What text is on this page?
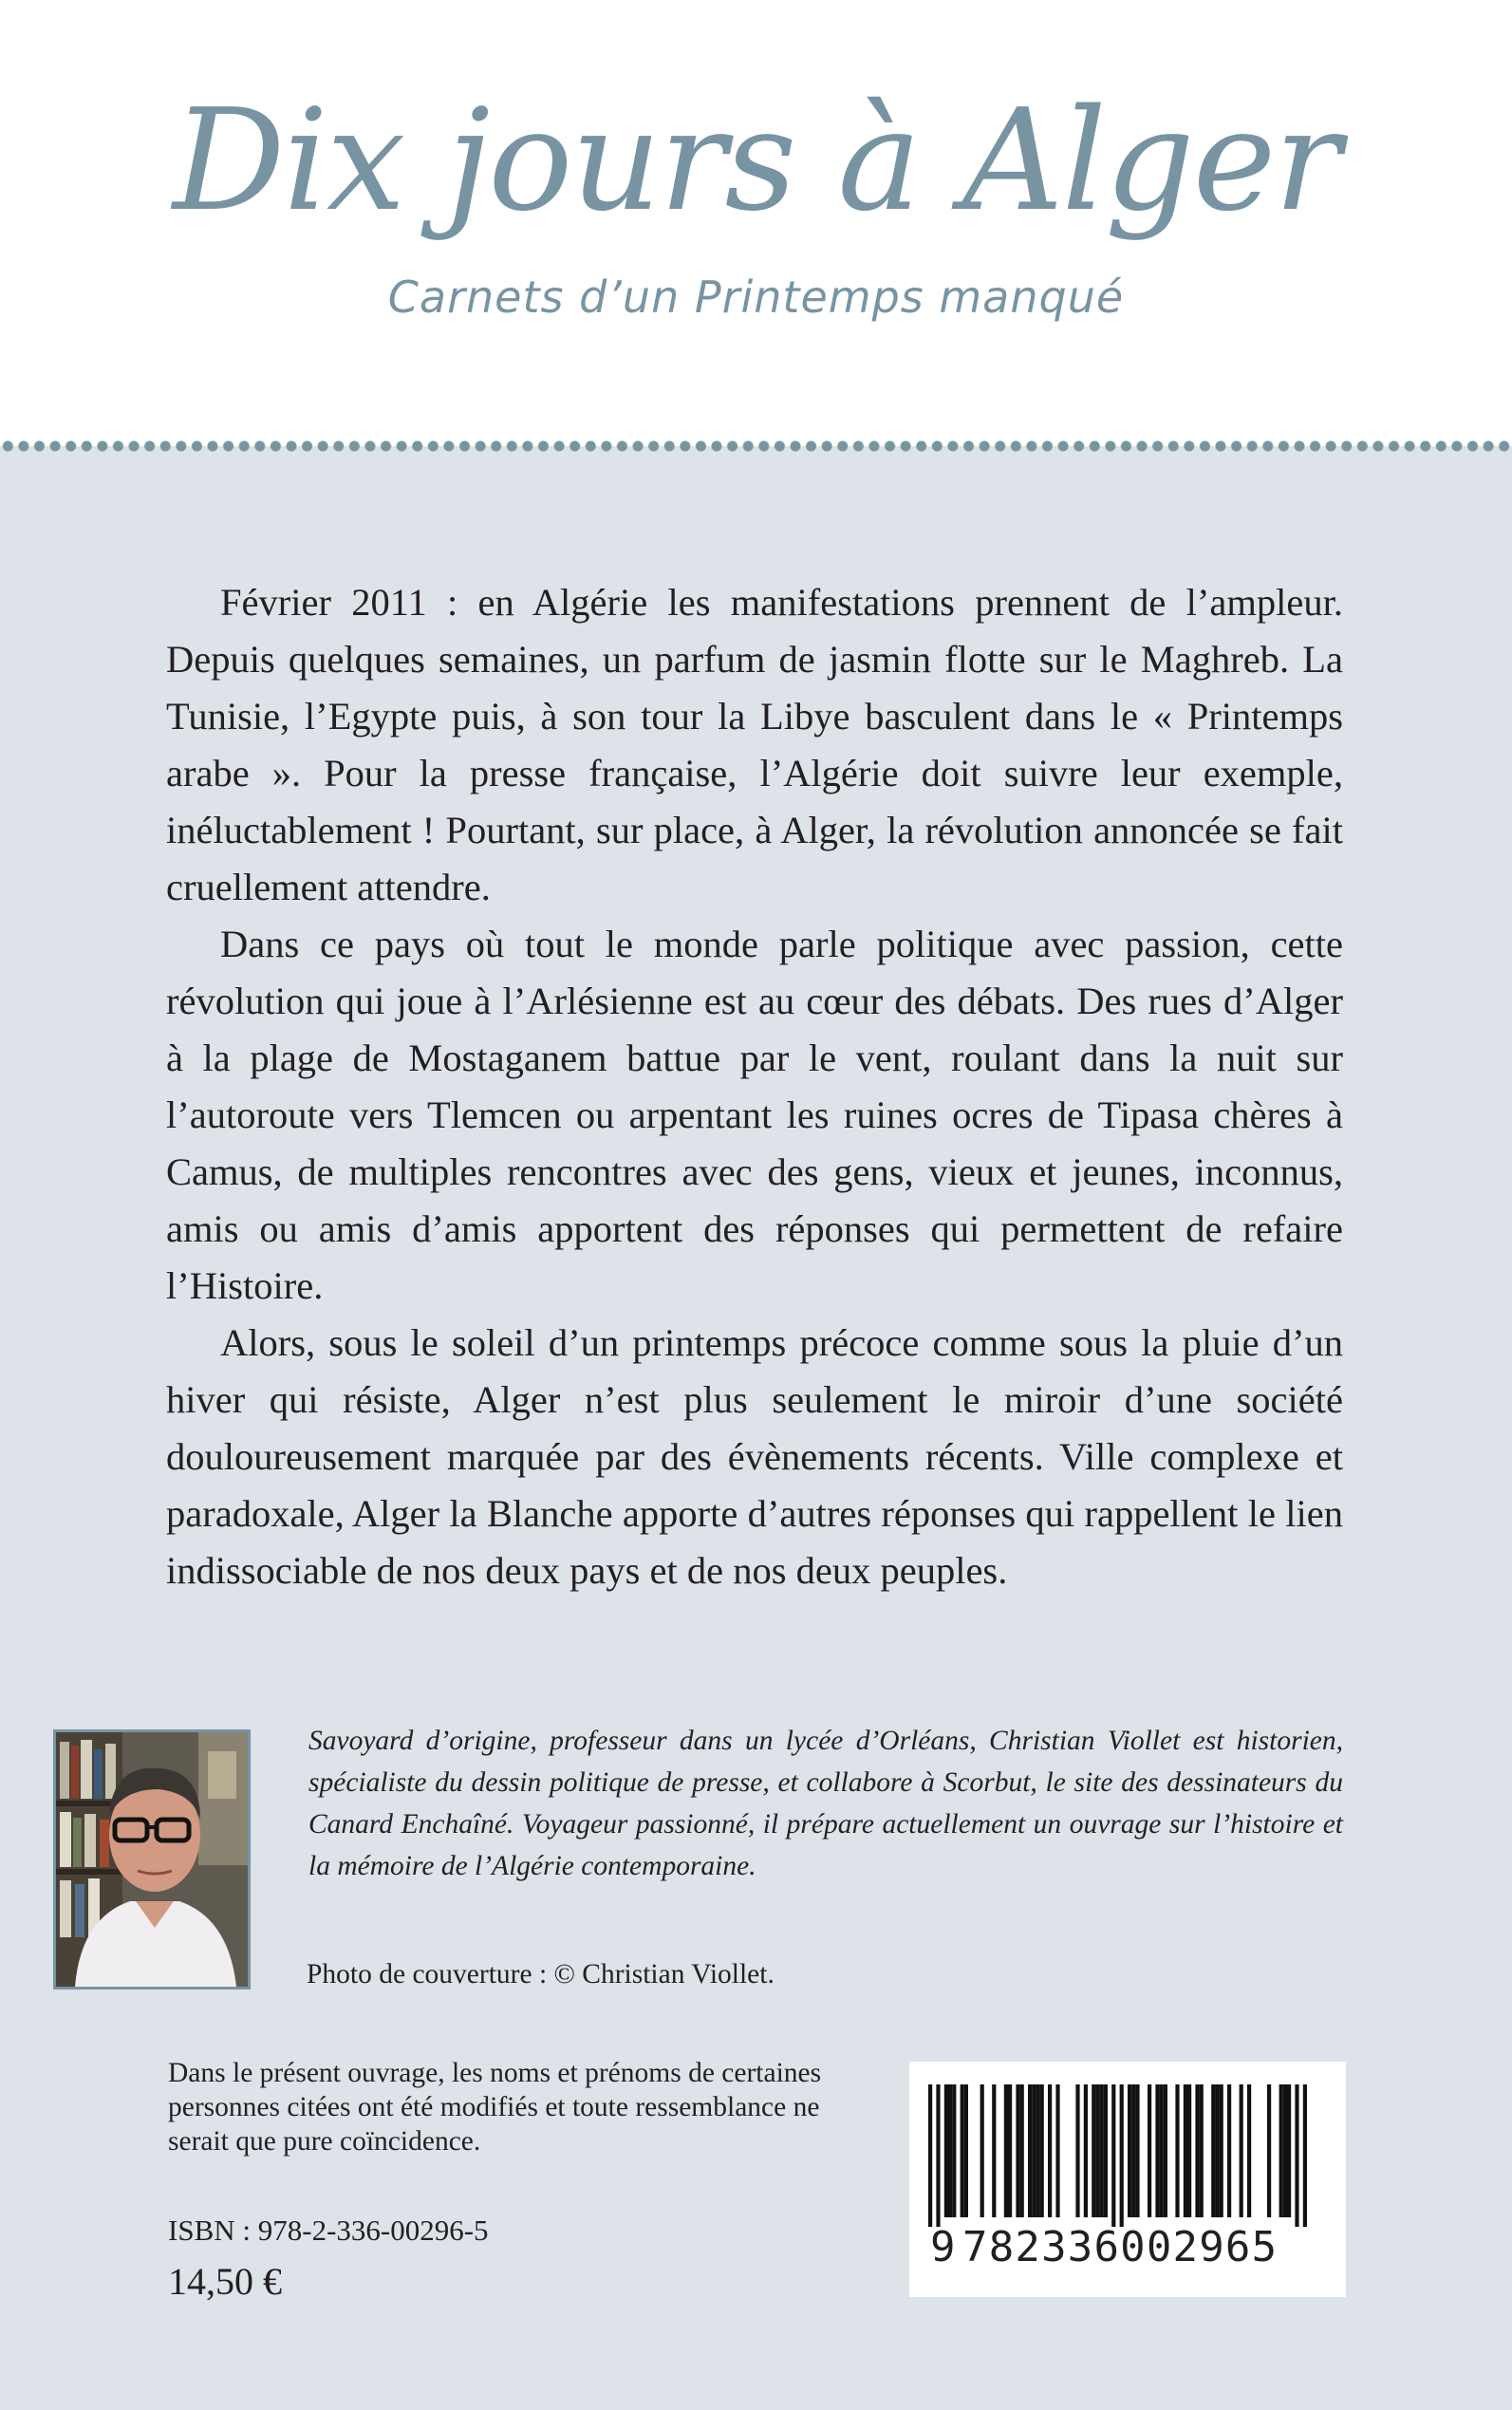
Dix jours à Alger
Carnets d’un Printemps manqué

Février 2011 : en Algérie les manifestations prennent de l’ampleur. Depuis quelques semaines, un parfum de jasmin flotte sur le Maghreb. La Tunisie, l’Egypte puis, à son tour la Libye basculent dans le « Printemps arabe ». Pour la presse française, l’Algérie doit suivre leur exemple, inéluctablement ! Pourtant, sur place, à Alger, la révolution annoncée se fait cruellement attendre.

Dans ce pays où tout le monde parle politique avec passion, cette révolution qui joue à l’Arlésienne est au cœur des débats. Des rues d’Alger à la plage de Mostaganem battue par le vent, roulant dans la nuit sur l’autoroute vers Tlemcen ou arpentant les ruines ocres de Tipasa chères à Camus, de multiples rencontres avec des gens, vieux et jeunes, inconnus, amis ou amis d’amis apportent des réponses qui permettent de refaire l’Histoire.

Alors, sous le soleil d’un printemps précoce comme sous la pluie d’un hiver qui résiste, Alger n’est plus seulement le miroir d’une société douloureusement marquée par des évènements récents. Ville complexe et paradoxale, Alger la Blanche apporte d’autres réponses qui rappellent le lien indissociable de nos deux pays et de nos deux peuples.

Savoyard d’origine, professeur dans un lycée d’Orléans, Christian Viollet est historien, spécialiste du dessin politique de presse, et collabore à Scorbut, le site des dessinateurs du Canard Enchaîné. Voyageur passionné, il prépare actuellement un ouvrage sur l’histoire et la mémoire de l’Algérie contemporaine.
Photo de couverture : © Christian Viollet.
Dans le présent ouvrage, les noms et prénoms de certaines personnes citées ont été modifiés et toute ressemblance ne serait que pure coïncidence.
ISBN : 978-2-336-00296-5
14,50 €
9 782336002965
